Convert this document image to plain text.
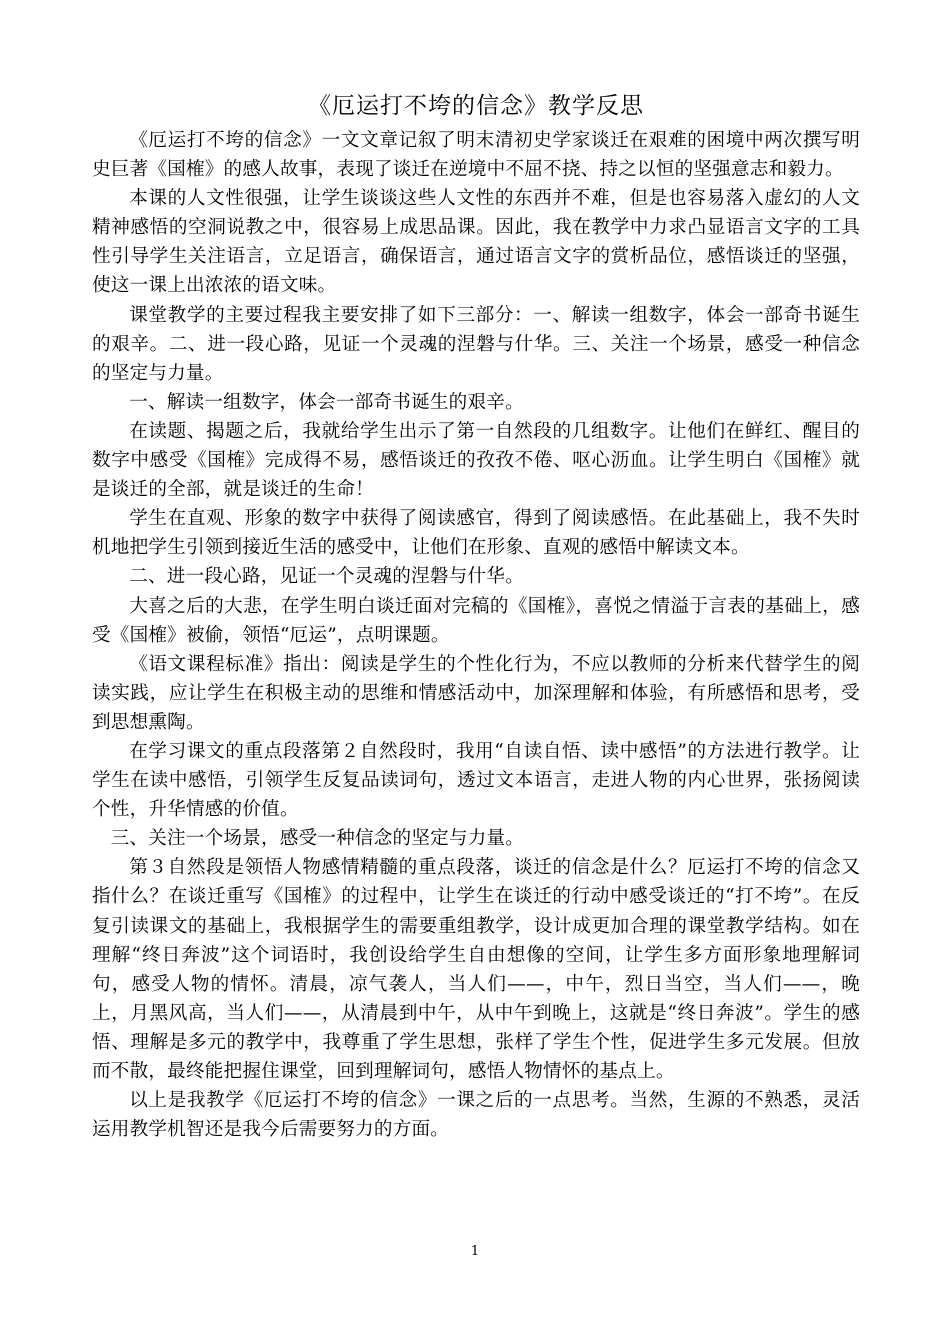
《厄运打不垮的信念》教学反思

《厄运打不垮的信念》一文文章记叙了明末清初史学家谈迁在艰难的困境中两次撰写明史巨著《国榷》的感人故事，表现了谈迁在逆境中不屈不挠、持之以恒的坚强意志和毅力。

本课的人文性很强，让学生谈谈这些人文性的东西并不难，但是也容易落入虚幻的人文精神感悟的空洞说教之中，很容易上成思品课。因此，我在教学中力求凸显语言文字的工具性引导学生关注语言，立足语言，确保语言，通过语言文字的赏析品位，感悟谈迁的坚强，使这一课上出浓浓的语文味。

课堂教学的主要过程我主要安排了如下三部分：一、解读一组数字，体会一部奇书诞生的艰辛。二、进一段心路，见证一个灵魂的涅磐与什华。三、关注一个场景，感受一种信念的坚定与力量。

一、解读一组数字，体会一部奇书诞生的艰辛。

在读题、揭题之后，我就给学生出示了第一自然段的几组数字。让他们在鲜红、醒目的数字中感受《国榷》完成得不易，感悟谈迁的孜孜不倦、呕心沥血。让学生明白《国榷》就是谈迁的全部，就是谈迁的生命！

学生在直观、形象的数字中获得了阅读感官，得到了阅读感悟。在此基础上，我不失时机地把学生引领到接近生活的感受中，让他们在形象、直观的感悟中解读文本。

二、进一段心路，见证一个灵魂的涅磐与什华。

大喜之后的大悲，在学生明白谈迁面对完稿的《国榷》，喜悦之情溢于言表的基础上，感受《国榷》被偷，领悟“厄运”，点明课题。

《语文课程标准》指出：阅读是学生的个性化行为，不应以教师的分析来代替学生的阅读实践，应让学生在积极主动的思维和情感活动中，加深理解和体验，有所感悟和思考，受到思想熏陶。

在学习课文的重点段落第２自然段时，我用“自读自悟、读中感悟”的方法进行教学。让学生在读中感悟，引领学生反复品读词句，透过文本语言，走进人物的内心世界，张扬阅读个性，升华情感的价值。

三、关注一个场景，感受一种信念的坚定与力量。

第３自然段是领悟人物感情精髓的重点段落，谈迁的信念是什么？厄运打不垮的信念又指什么？在谈迁重写《国榷》的过程中，让学生在谈迁的行动中感受谈迁的“打不垮”。在反复引读课文的基础上，我根据学生的需要重组教学，设计成更加合理的课堂教学结构。如在理解“终日奔波”这个词语时，我创设给学生自由想像的空间，让学生多方面形象地理解词句，感受人物的情怀。清晨，凉气袭人，当人们——，中午，烈日当空，当人们——，晚上，月黑风高，当人们——，从清晨到中午，从中午到晚上，这就是“终日奔波”。学生的感悟、理解是多元的教学中，我尊重了学生思想，张样了学生个性，促进学生多元发展。但放而不散，最终能把握住课堂，回到理解词句，感悟人物情怀的基点上。

以上是我教学《厄运打不垮的信念》一课之后的一点思考。当然，生源的不熟悉，灵活运用教学机智还是我今后需要努力的方面。

1
